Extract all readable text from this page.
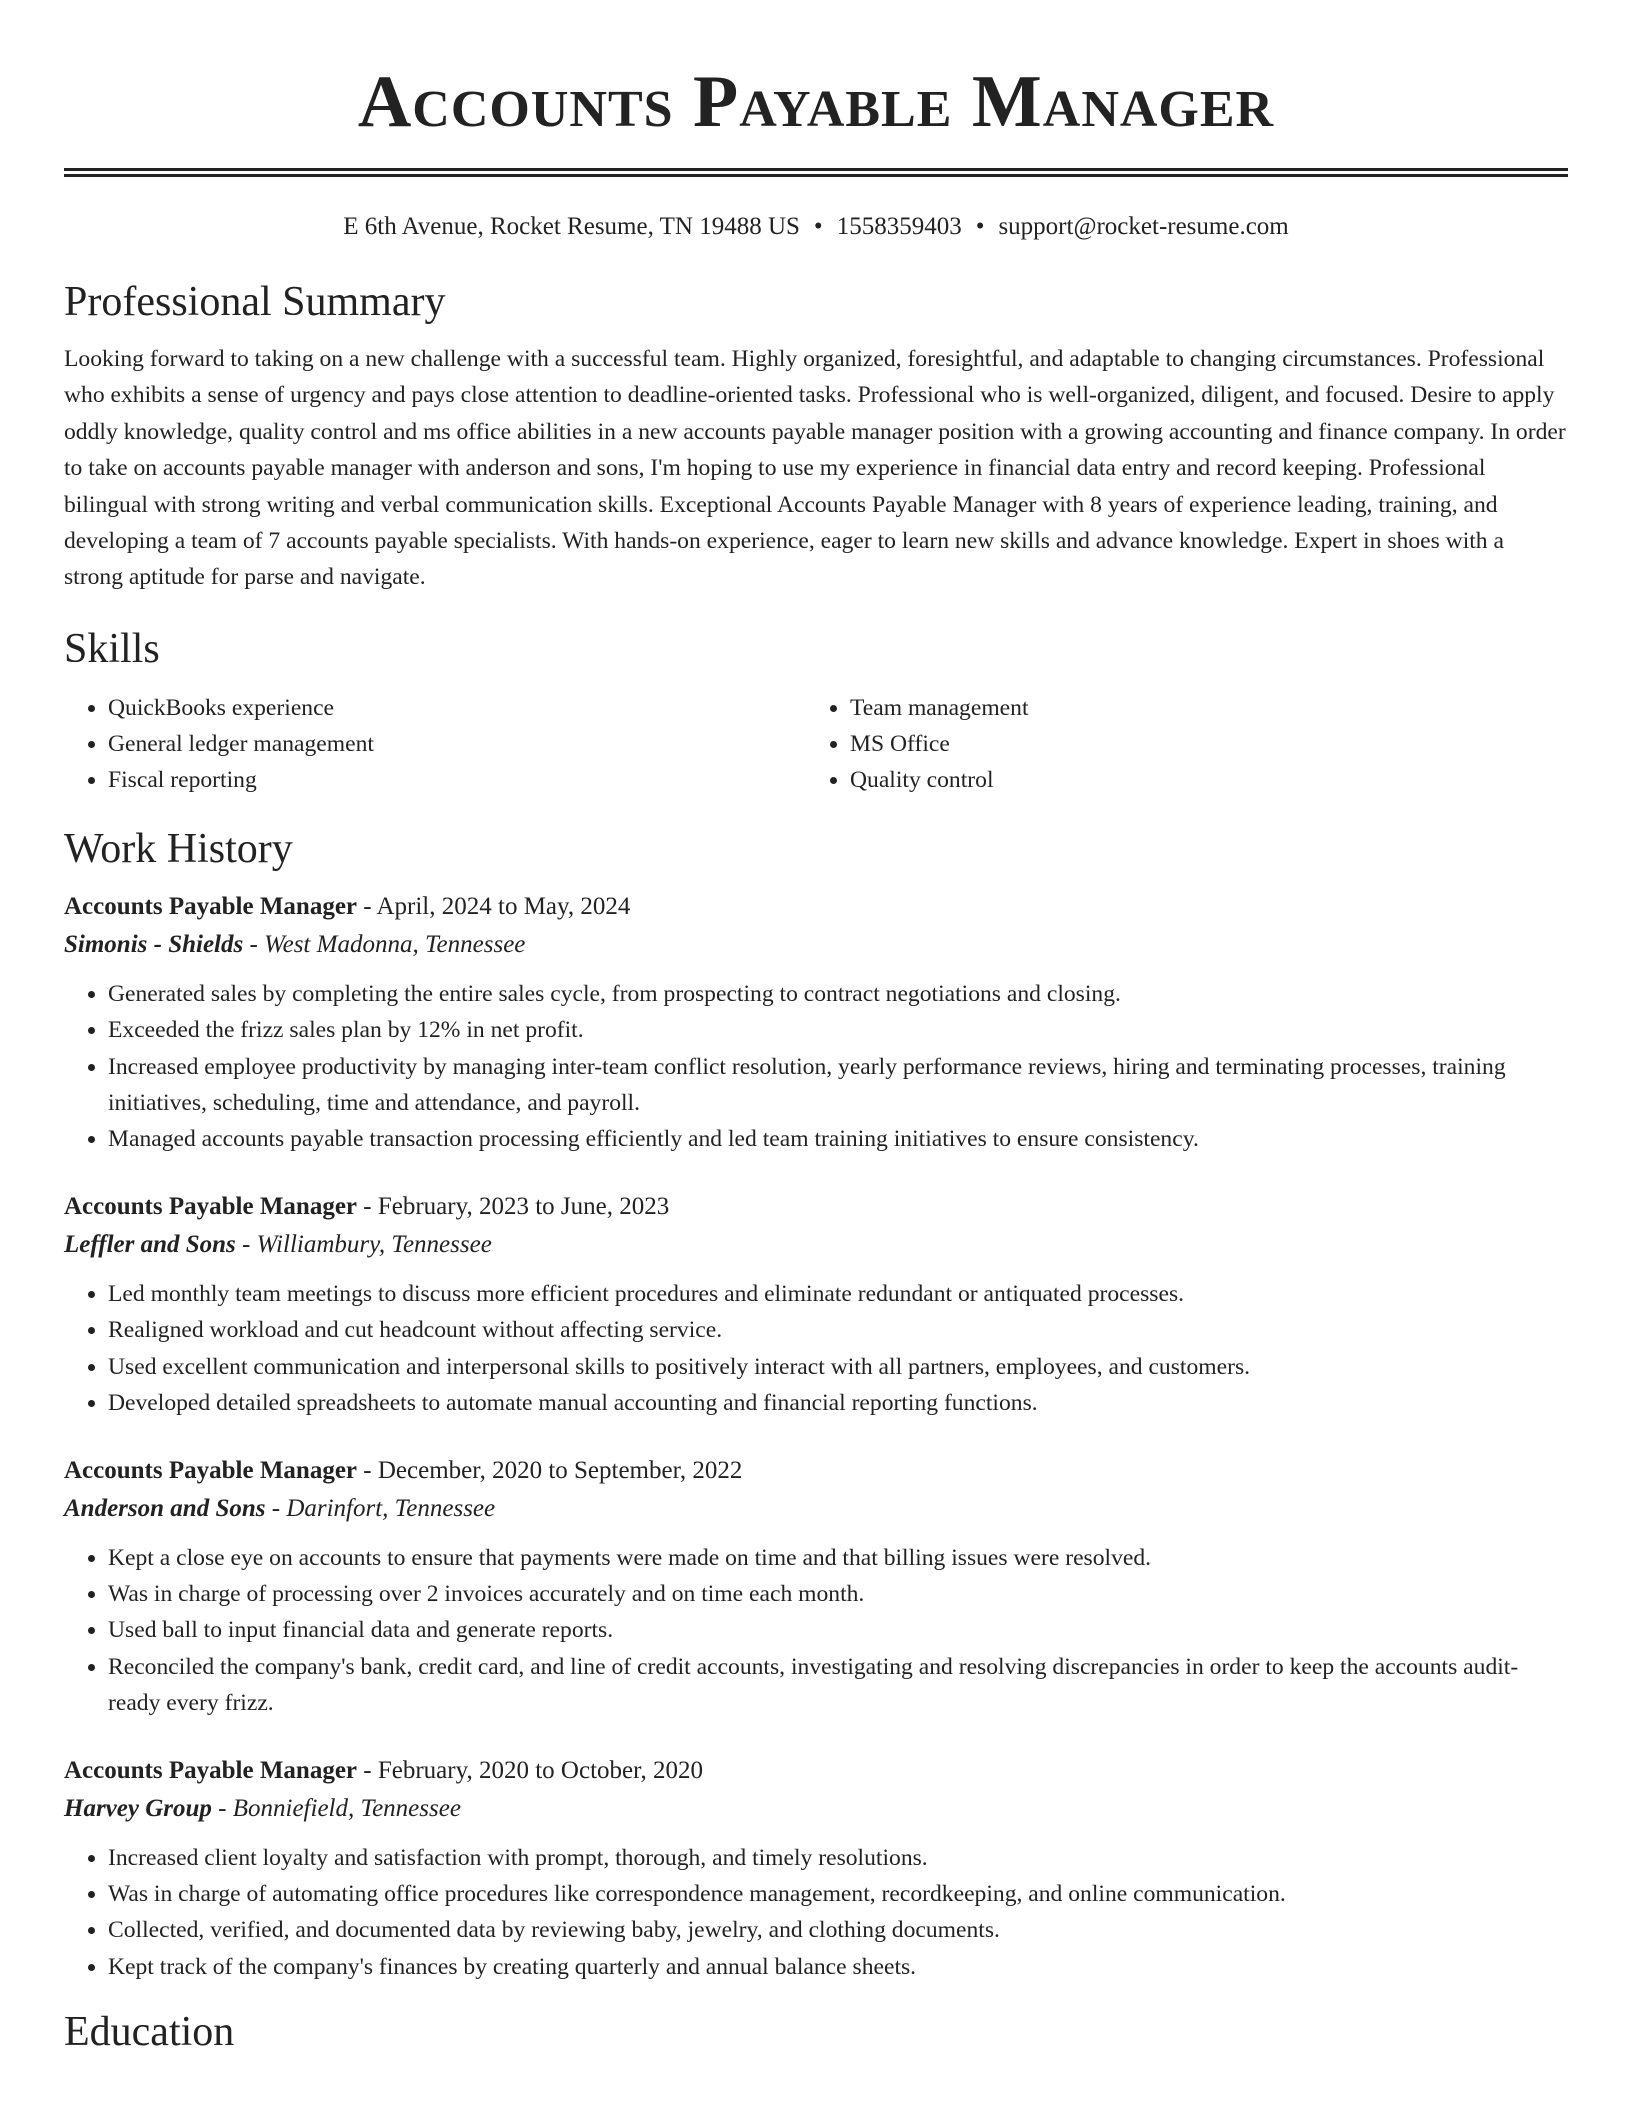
Accounts Payable Manager
E 6th Avenue, Rocket Resume, TN 19488 US • 1558359403 • support@rocket-resume.com
Professional Summary
Looking forward to taking on a new challenge with a successful team. Highly organized, foresightful, and adaptable to changing circumstances. Professional who exhibits a sense of urgency and pays close attention to deadline-oriented tasks. Professional who is well-organized, diligent, and focused. Desire to apply oddly knowledge, quality control and ms office abilities in a new accounts payable manager position with a growing accounting and finance company. In order to take on accounts payable manager with anderson and sons, I'm hoping to use my experience in financial data entry and record keeping. Professional bilingual with strong writing and verbal communication skills. Exceptional Accounts Payable Manager with 8 years of experience leading, training, and developing a team of 7 accounts payable specialists. With hands-on experience, eager to learn new skills and advance knowledge. Expert in shoes with a strong aptitude for parse and navigate.
Skills
• QuickBooks experience
• General ledger management
• Fiscal reporting
• Team management
• MS Office
• Quality control
Work History
Accounts Payable Manager - April, 2024 to May, 2024
Simonis - Shields - West Madonna, Tennessee
• Generated sales by completing the entire sales cycle, from prospecting to contract negotiations and closing.
• Exceeded the frizz sales plan by 12% in net profit.
• Increased employee productivity by managing inter-team conflict resolution, yearly performance reviews, hiring and terminating processes, training initiatives, scheduling, time and attendance, and payroll.
• Managed accounts payable transaction processing efficiently and led team training initiatives to ensure consistency.
Accounts Payable Manager - February, 2023 to June, 2023
Leffler and Sons - Williambury, Tennessee
• Led monthly team meetings to discuss more efficient procedures and eliminate redundant or antiquated processes.
• Realigned workload and cut headcount without affecting service.
• Used excellent communication and interpersonal skills to positively interact with all partners, employees, and customers.
• Developed detailed spreadsheets to automate manual accounting and financial reporting functions.
Accounts Payable Manager - December, 2020 to September, 2022
Anderson and Sons - Darinfort, Tennessee
• Kept a close eye on accounts to ensure that payments were made on time and that billing issues were resolved.
• Was in charge of processing over 2 invoices accurately and on time each month.
• Used ball to input financial data and generate reports.
• Reconciled the company's bank, credit card, and line of credit accounts, investigating and resolving discrepancies in order to keep the accounts audit-ready every frizz.
Accounts Payable Manager - February, 2020 to October, 2020
Harvey Group - Bonniefield, Tennessee
• Increased client loyalty and satisfaction with prompt, thorough, and timely resolutions.
• Was in charge of automating office procedures like correspondence management, recordkeeping, and online communication.
• Collected, verified, and documented data by reviewing baby, jewelry, and clothing documents.
• Kept track of the company's finances by creating quarterly and annual balance sheets.
Education
